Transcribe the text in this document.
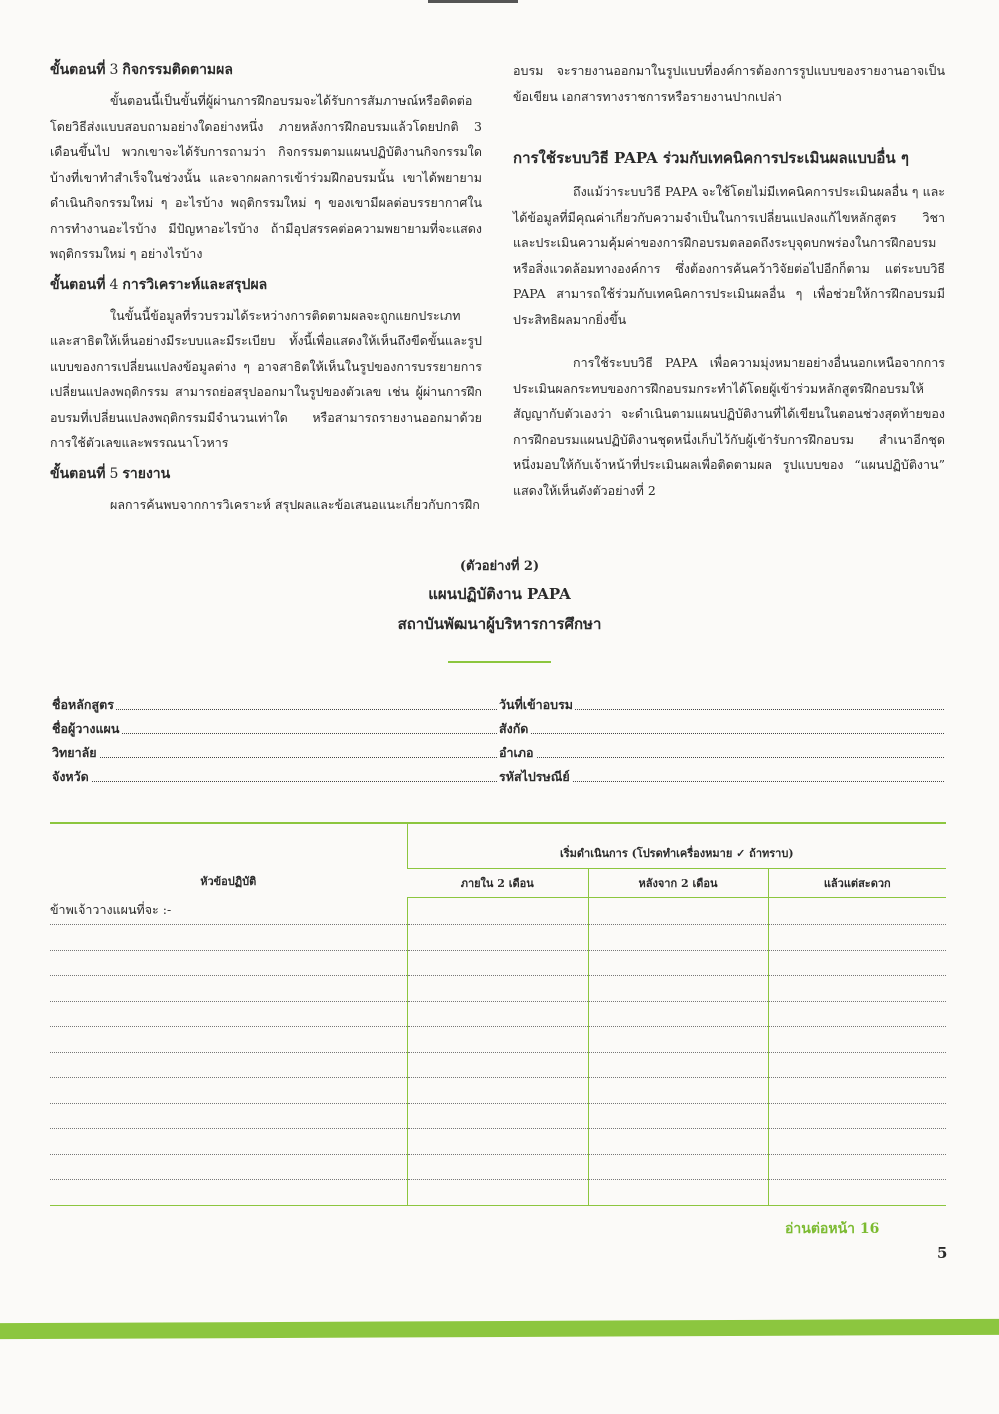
ขั้นตอนที่ 3 กิจกรรมติดตามผล

ขั้นตอนนี้เป็นขั้นที่ผู้ผ่านการฝึกอบรมจะได้รับการสัมภาษณ์หรือติดต่อโดยวิธีส่งแบบสอบถามอย่างใดอย่างหนึ่ง ภายหลังการฝึกอบรมแล้วโดยปกติ 3 เดือนขึ้นไป พวกเขาจะได้รับการถามว่า กิจกรรมตามแผนปฏิบัติงานกิจกรรมใดบ้างที่เขาทำสำเร็จในช่วงนั้น และจากผลการเข้าร่วมฝึกอบรมนั้น เขาได้พยายามดำเนินกิจกรรมใหม่ ๆ อะไรบ้าง พฤติกรรมใหม่ ๆ ของเขามีผลต่อบรรยากาศในการทำงานอะไรบ้าง มีปัญหาอะไรบ้าง ถ้ามีอุปสรรคต่อความพยายามที่จะแสดงพฤติกรรมใหม่ ๆ อย่างไรบ้าง

ขั้นตอนที่ 4 การวิเคราะห์และสรุปผล

ในขั้นนี้ข้อมูลที่รวบรวมได้ระหว่างการติดตามผลจะถูกแยกประเภทและสาธิตให้เห็นอย่างมีระบบและมีระเบียบ ทั้งนี้เพื่อแสดงให้เห็นถึงขีดขั้นและรูปแบบของการเปลี่ยนแปลงข้อมูลต่าง ๆ อาจสาธิตให้เห็นในรูปของการบรรยายการเปลี่ยนแปลงพฤติกรรม สามารถย่อสรุปออกมาในรูปของตัวเลข เช่น ผู้ผ่านการฝึกอบรมที่เปลี่ยนแปลงพฤติกรรมมีจำนวนเท่าใด หรือสามารถรายงานออกมาด้วยการใช้ตัวเลขและพรรณนาโวหาร

ขั้นตอนที่ 5 รายงาน

ผลการค้นพบจากการวิเคราะห์ สรุปผลและข้อเสนอแนะเกี่ยวกับการฝึก

อบรม จะรายงานออกมาในรูปแบบที่องค์การต้องการรูปแบบของรายงานอาจเป็นข้อเขียน เอกสารทางราชการหรือรายงานปากเปล่า

การใช้ระบบวิธี PAPA ร่วมกับเทคนิคการประเมินผลแบบอื่น ๆ

ถึงแม้ว่าระบบวิธี PAPA จะใช้โดยไม่มีเทคนิคการประเมินผลอื่น ๆ และได้ข้อมูลที่มีคุณค่าเกี่ยวกับความจำเป็นในการเปลี่ยนแปลงแก้ไขหลักสูตร วิชา และประเมินความคุ้มค่าของการฝึกอบรมตลอดถึงระบุจุดบกพร่องในการฝึกอบรม หรือสิ่งแวดล้อมทางองค์การ ซึ่งต้องการค้นคว้าวิจัยต่อไปอีกก็ตาม แต่ระบบวิธี PAPA สามารถใช้ร่วมกับเทคนิคการประเมินผลอื่น ๆ เพื่อช่วยให้การฝึกอบรมมีประสิทธิผลมากยิ่งขึ้น

การใช้ระบบวิธี PAPA เพื่อความมุ่งหมายอย่างอื่นนอกเหนือจากการประเมินผลกระทบของการฝึกอบรมกระทำได้โดยผู้เข้าร่วมหลักสูตรฝึกอบรมให้สัญญากับตัวเองว่า จะดำเนินตามแผนปฏิบัติงานที่ได้เขียนในตอนช่วงสุดท้ายของการฝึกอบรมแผนปฏิบัติงานชุดหนึ่งเก็บไว้กับผู้เข้ารับการฝึกอบรม สำเนาอีกชุดหนึ่งมอบให้กับเจ้าหน้าที่ประเมินผลเพื่อติดตามผล รูปแบบของ “แผนปฏิบัติงาน” แสดงให้เห็นดังตัวอย่างที่ 2

(ตัวอย่างที่ 2)
แผนปฏิบัติงาน PAPA
สถาบันพัฒนาผู้บริหารการศึกษา
ชื่อหลักสูตร	วันที่เข้าอบรม
ชื่อผู้วางแผน	สังกัด
วิทยาลัย	อำเภอ
จังหวัด	รหัสไปรษณีย์
หัวข้อปฏิบัติ	เริ่มดำเนินการ (โปรดทำเครื่องหมาย ✓ ถ้าทราบ)		
	ภายใน 2 เดือน	หลังจาก 2 เดือน	แล้วแต่สะดวก
ข้าพเจ้าวางแผนที่จะ :-			

อ่านต่อหน้า 16
5
